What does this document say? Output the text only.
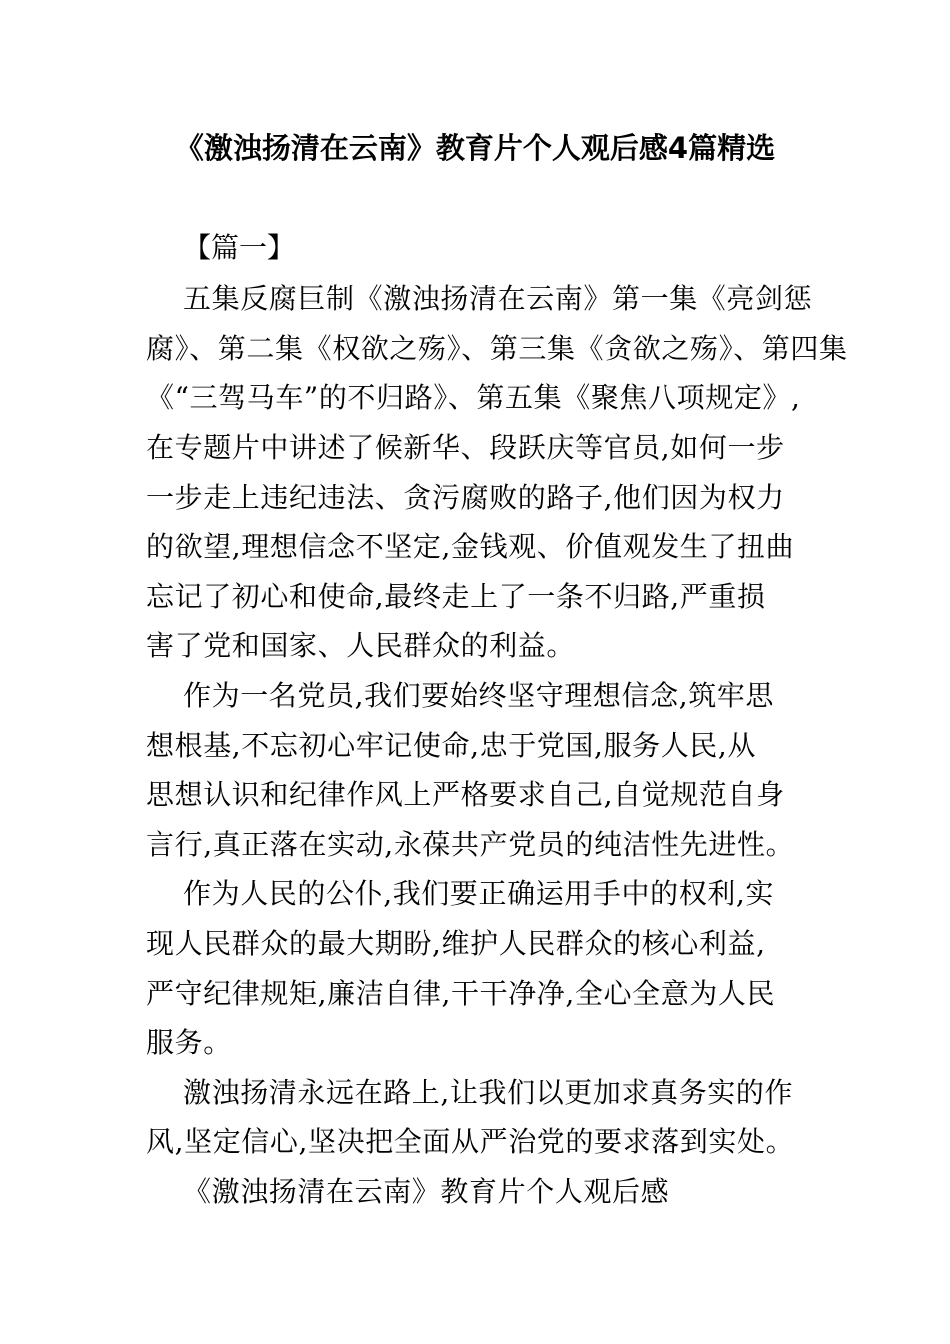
《激浊扬清在云南》教育片个人观后感4篇精选

【篇一】

五集反腐巨制《激浊扬清在云南》第一集《亮剑惩

腐》、第二集《权欲之殇》、第三集《贪欲之殇》、第四集

《“三驾马车”的不归路》、第五集《聚焦八项规定》,

在专题片中讲述了候新华、段跃庆等官员,如何一步

一步走上违纪违法、贪污腐败的路子,他们因为权力

的欲望,理想信念不坚定,金钱观、价值观发生了扭曲

忘记了初心和使命,最终走上了一条不归路,严重损

害了党和国家、人民群众的利益。

作为一名党员,我们要始终坚守理想信念,筑牢思

想根基,不忘初心牢记使命,忠于党国,服务人民,从

思想认识和纪律作风上严格要求自己,自觉规范自身

言行,真正落在实动,永葆共产党员的纯洁性先进性。

作为人民的公仆,我们要正确运用手中的权利,实

现人民群众的最大期盼,维护人民群众的核心利益,

严守纪律规矩,廉洁自律,干干净净,全心全意为人民

服务。

激浊扬清永远在路上,让我们以更加求真务实的作

风,坚定信心,坚决把全面从严治党的要求落到实处。

《激浊扬清在云南》教育片个人观后感
